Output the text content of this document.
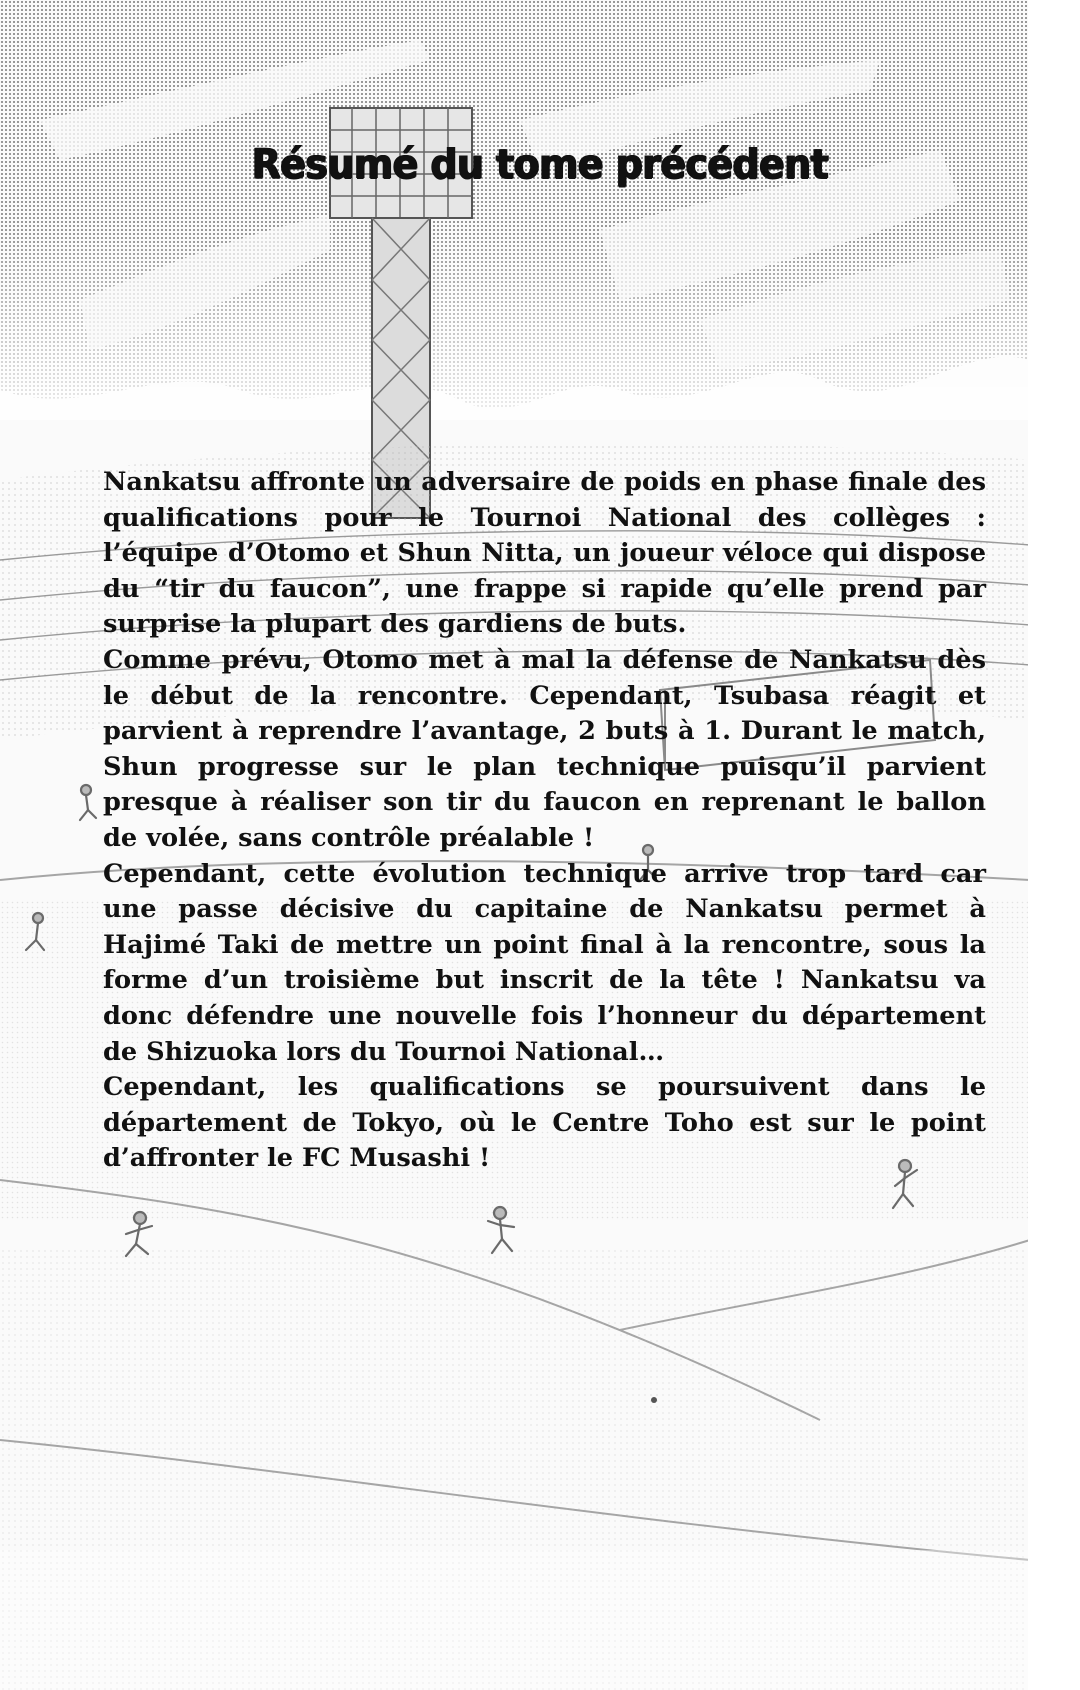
Résumé du tome précédent

Nankatsu affronte un adversaire de poids en phase finale des qualifications pour le Tournoi National des collèges : l’équipe d’Otomo et Shun Nitta, un joueur véloce qui dispose du “tir du faucon”, une frappe si rapide qu’elle prend par surprise la plupart des gardiens de buts.

Comme prévu, Otomo met à mal la défense de Nankatsu dès le début de la rencontre. Cependant, Tsubasa réagit et parvient à reprendre l’avantage, 2 buts à 1. Durant le match, Shun progresse sur le plan technique puisqu’il parvient presque à réaliser son tir du faucon en reprenant le ballon de volée, sans contrôle préalable !

Cependant, cette évolution technique arrive trop tard car une passe décisive du capitaine de Nankatsu permet à Hajimé Taki de mettre un point final à la rencontre, sous la forme d’un troisième but inscrit de la tête ! Nankatsu va donc défendre une nouvelle fois l’honneur du département de Shizuoka lors du Tournoi National…

Cependant, les qualifications se poursuivent dans le département de Tokyo, où le Centre Toho est sur le point d’affronter le FC Musashi !
